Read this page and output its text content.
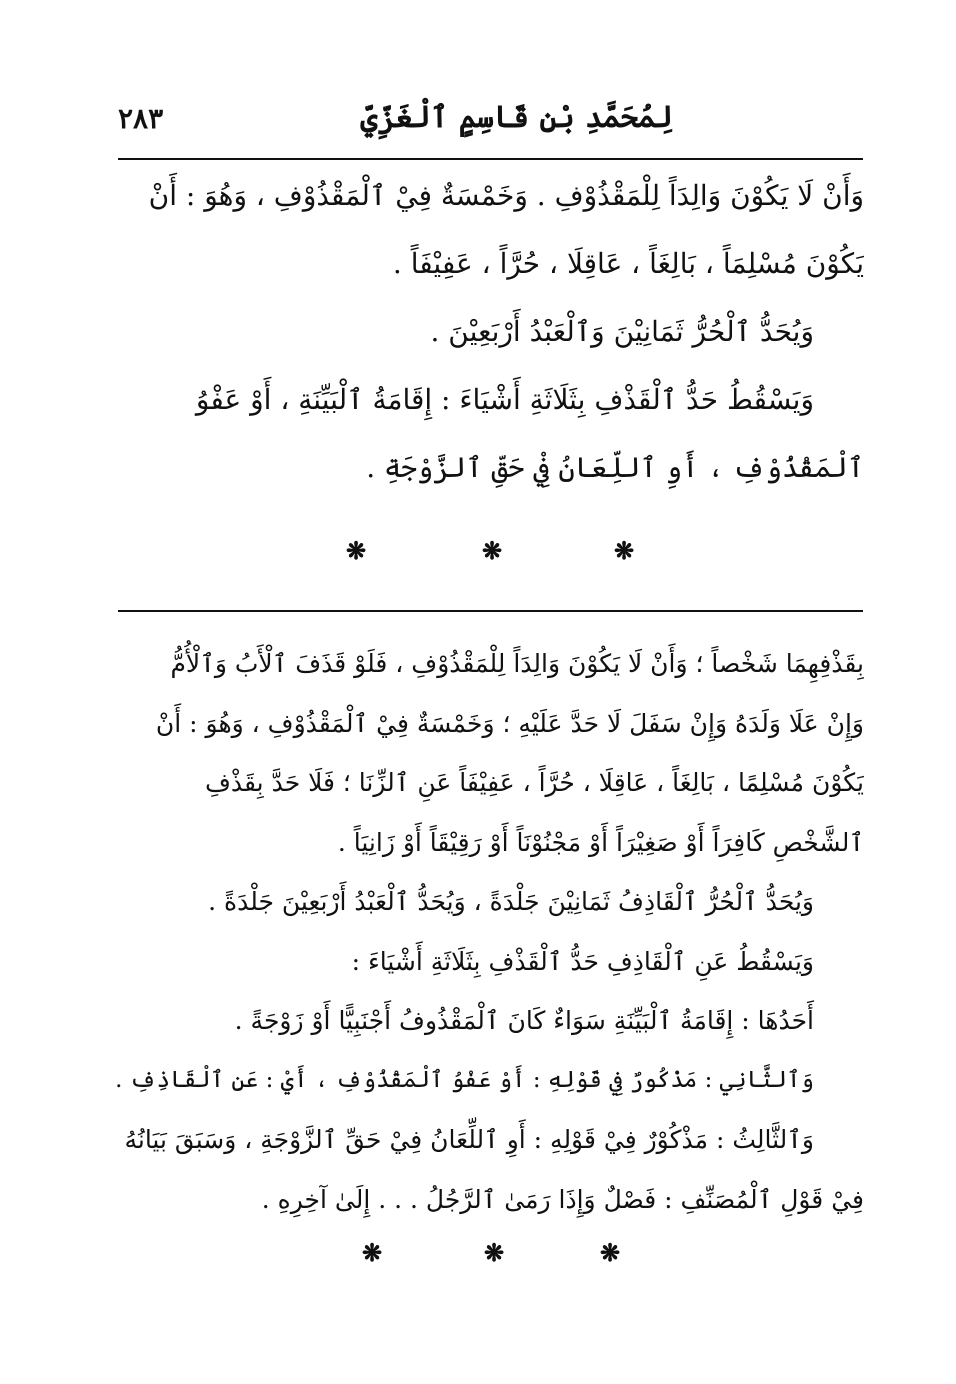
لِمُحَمَّدِ بْنِ قَاسِمٍ ٱلْغَزِّيِّ
٢٨٣
وَأَنْ لَا يَكُوْنَ وَالِدَاً لِلْمَقْذُوْفِ . وَخَمْسَةٌ فِيْ ٱلْمَقْذُوْفِ ، وَهُوَ : أَنْ
يَكُوْنَ مُسْلِمَاً ، بَالِغَاً ، عَاقِلَا ، حُرَّاً ، عَفِيْفَاً .
وَيُحَدُّ ٱلْحُرُّ ثَمَانِيْنَ وَٱلْعَبْدُ أَرْبَعِيْنَ .
وَيَسْقُطُ حَدُّ ٱلْقَذْفِ بِثَلَاثَةِ أَشْيَاءَ : إِقَامَةُ ٱلْبَيِّنَةِ ، أَوْ عَفْوُ
ٱلْمَقْذُوْفِ ، أَوِ ٱللِّعَانُ فِيْ حَقِّ ٱلزَّوْجَةِ .
❋	❋	❋
بِقَذْفِهِمَا شَخْصاً ؛ وَأَنْ لَا يَكُوْنَ وَالِدَاً لِلْمَقْذُوْفِ ، فَلَوْ قَذَفَ ٱلْأَبُ وَٱلْأُمُّ
وَإِنْ عَلَا وَلَدَهُ وَإِنْ سَفَلَ لَا حَدَّ عَلَيْهِ ؛ وَخَمْسَةٌ فِيْ ٱلْمَقْذُوْفِ ، وَهُوَ : أَنْ
يَكُوْنَ مُسْلِمًا ، بَالِغَاً ، عَاقِلَا ، حُرَّاً ، عَفِيْفَاً عَنِ ٱلزِّنَا ؛ فَلَا حَدَّ بِقَذْفِ
ٱلشَّخْصِ كَافِرَاً أَوْ صَغِيْرَاً أَوْ مَجْنُوْنَاً أَوْ رَقِيْقَاً أَوْ زَانِيَاً .
وَيُحَدُّ ٱلْحُرُّ ٱلْقَاذِفُ ثَمَانِيْنَ جَلْدَةً ، وَيُحَدُّ ٱلْعَبْدُ أَرْبَعِيْنَ جَلْدَةً .
وَيَسْقُطُ عَنِ ٱلْقَاذِفِ حَدُّ ٱلْقَذْفِ بِثَلَاثَةِ أَشْيَاءَ :
أَحَدُهَا : إِقَامَةُ ٱلْبَيِّنَةِ سَوَاءٌ كَانَ ٱلْمَقْذُوفُ أَجْنَبِيًّا أَوْ زَوْجَةً .
وَٱلثَّانِي : مَذْكُورٌ فِي قَوْلِهِ : أَوْ عَفْوُ ٱلْمَقْذُوْفِ ، أَيْ : عَنِ ٱلْقَاذِفِ .
وَٱلثَّالِثُ : مَذْكُوْرٌ فِيْ قَوْلِهِ : أَوِ ٱللِّعَانُ فِيْ حَقِّ ٱلزَّوْجَةِ ، وَسَبَقَ بَيَانُهُ
فِيْ قَوْلِ ٱلْمُصَنِّفِ : فَصْلٌ وَإِذَا رَمَىٰ ٱلرَّجُلُ . . . إِلَىٰ آخِرِهِ .
❋	❋	❋
